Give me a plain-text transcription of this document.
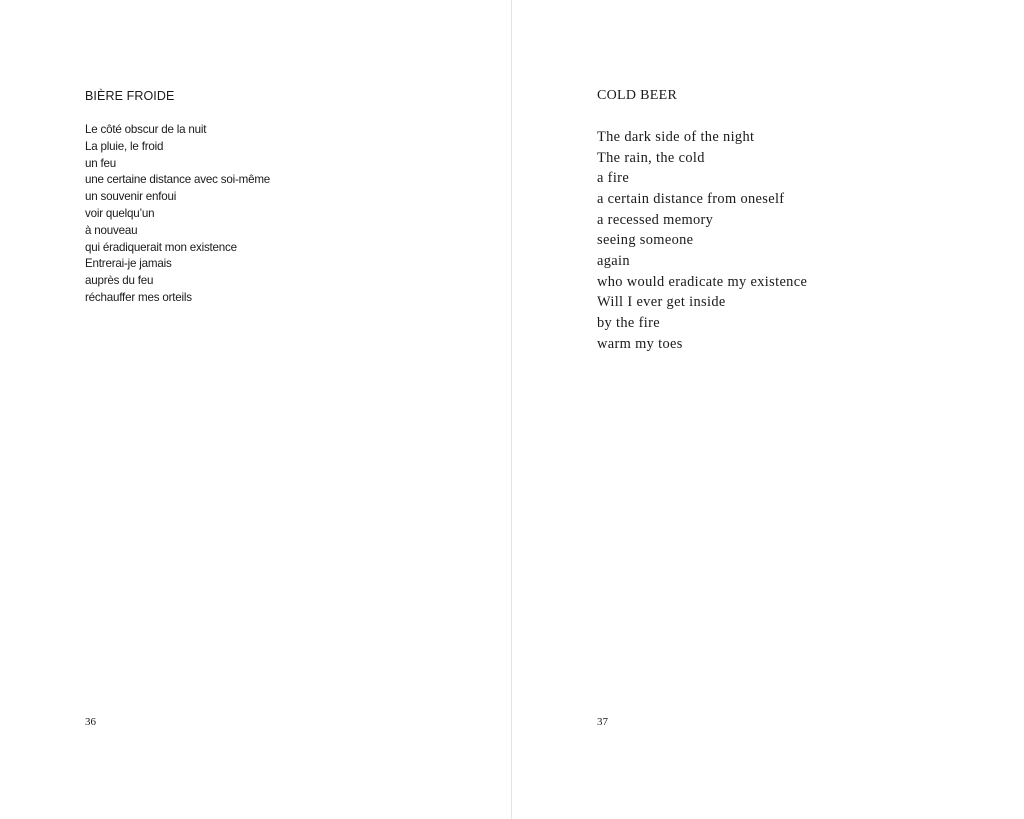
BIÈRE FROIDE
Le côté obscur de la nuit
La pluie, le froid
un feu
une certaine distance avec soi-même
un souvenir enfoui
voir quelqu’un
à nouveau
qui éradiquerait mon existence
Entrerai-je jamais
auprès du feu
réchauffer mes orteils
36
COLD BEER
The dark side of the night
The rain, the cold
a fire
a certain distance from oneself
a recessed memory
seeing someone
again
who would eradicate my existence
Will I ever get inside
by the fire
warm my toes
37
